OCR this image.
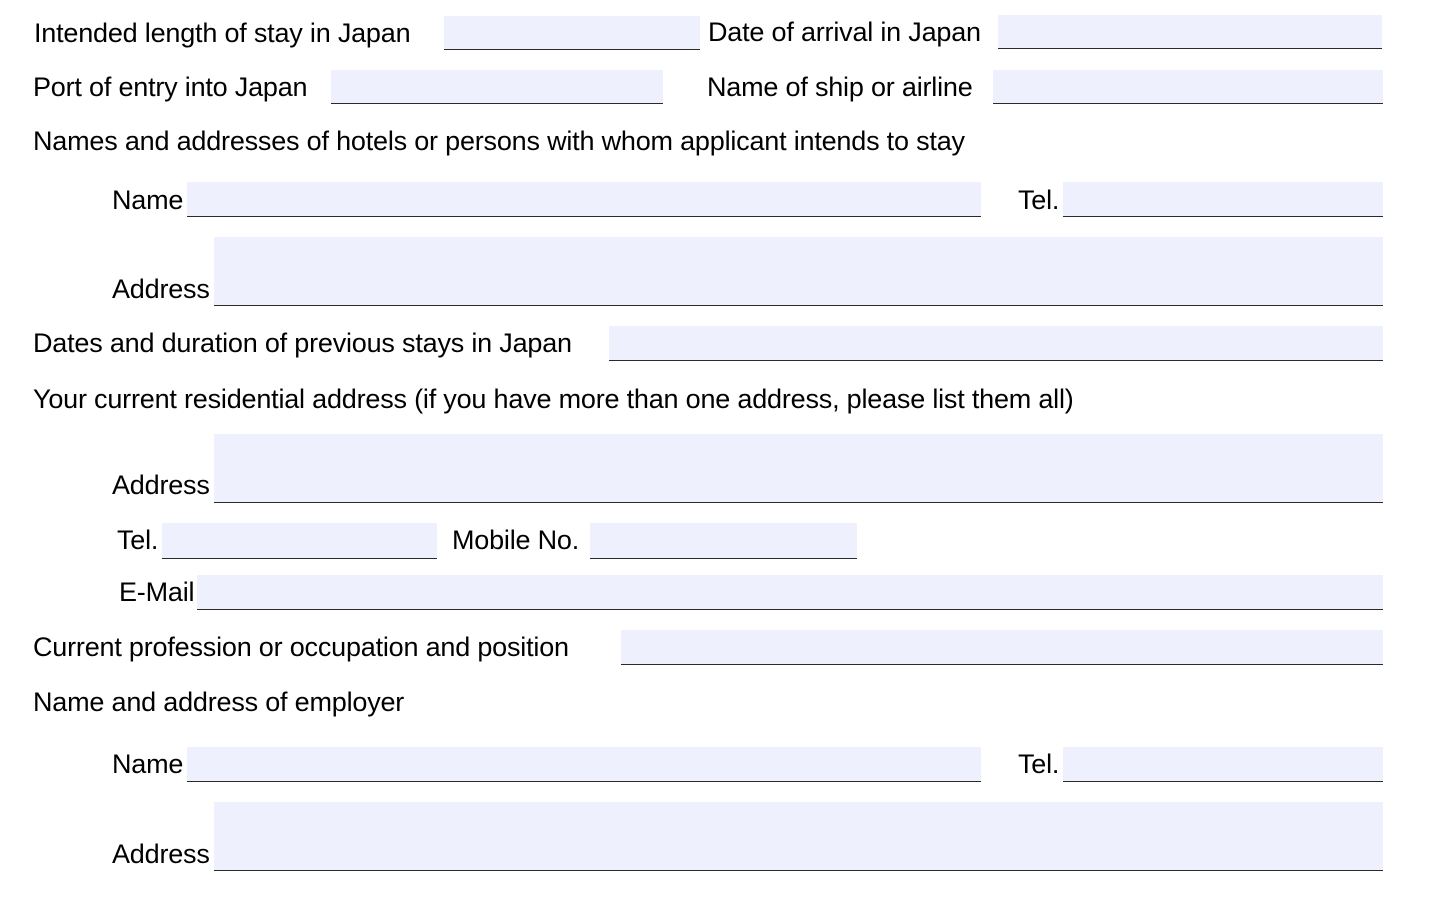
Intended length of stay in Japan	Date of arrival in Japan
Port of entry into Japan	Name of ship or airline
Names and addresses of hotels or persons with whom applicant intends to stay
Name	Tel.
Address
Dates and duration of previous stays in Japan
Your current residential address (if you have more than one address, please list them all)
Address
Tel.	Mobile No.
E-Mail
Current profession or occupation and position
Name and address of employer
Name	Tel.
Address
